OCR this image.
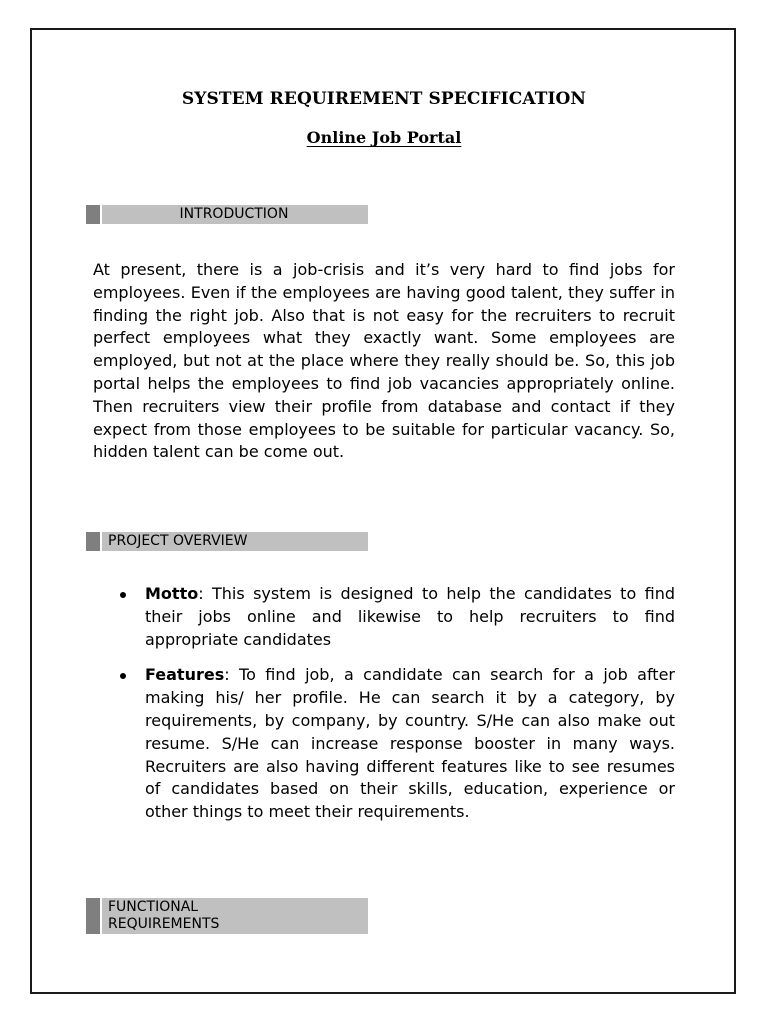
SYSTEM REQUIREMENT SPECIFICATION
Online Job Portal
INTRODUCTION

At present, there is a job-crisis and it’s very hard to find jobs for employees. Even if the employees are having good talent, they suffer in finding the right job. Also that is not easy for the recruiters to recruit perfect employees what they exactly want. Some employees are employed, but not at the place where they really should be. So, this job portal helps the employees to find job vacancies appropriately online. Then recruiters view their profile from database and contact if they expect from those employees to be suitable for particular vacancy. So, hidden talent can be come out.

PROJECT OVERVIEW
Motto: This system is designed to help the candidates to find their jobs online and likewise to help recruiters to find appropriate candidates
Features: To find job, a candidate can search for a job after making his/ her profile. He can search it by a category, by requirements, by company, by country. S/He can also make out resume. S/He can increase response booster in many ways. Recruiters are also having different features like to see resumes of candidates based on their skills, education, experience or other things to meet their requirements.
FUNCTIONAL
REQUIREMENTS
